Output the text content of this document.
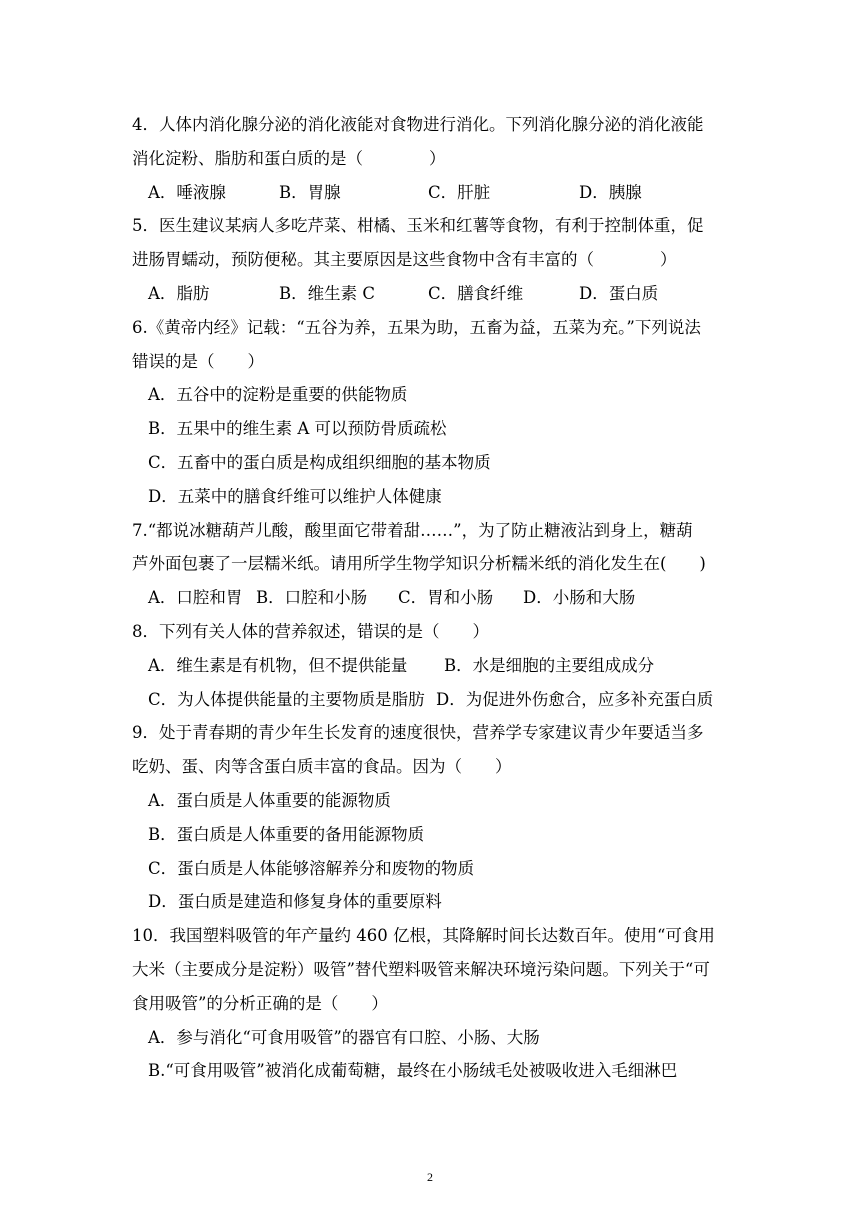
4．人体内消化腺分泌的消化液能对食物进行消化。下列消化腺分泌的消化液能
消化淀粉、脂肪和蛋白质的是（　　　　）
A．唾液腺	B．胃腺	C．肝脏	D．胰腺
5．医生建议某病人多吃芹菜、柑橘、玉米和红薯等食物，有利于控制体重，促
进肠胃蠕动，预防便秘。其主要原因是这些食物中含有丰富的（　　　　）
A．脂肪	B．维生素 C	C．膳食纤维	D．蛋白质
6.《黄帝内经》记载：“五谷为养，五果为助，五畜为益，五菜为充。”下列说法
错误的是（　　）
A．五谷中的淀粉是重要的供能物质
B．五果中的维生素 A 可以预防骨质疏松
C．五畜中的蛋白质是构成组织细胞的基本物质
D．五菜中的膳食纤维可以维护人体健康
7.“都说冰糖葫芦儿酸，酸里面它带着甜……”，为了防止糖液沾到身上，糖葫
芦外面包裹了一层糯米纸。请用所学生物学知识分析糯米纸的消化发生在(　　)
A．口腔和胃 B．口腔和小肠 C．胃和小肠 D．小肠和大肠
8．下列有关人体的营养叙述，错误的是（　　）
A．维生素是有机物，但不提供能量 B．水是细胞的主要组成成分
C．为人体提供能量的主要物质是脂肪 D．为促进外伤愈合，应多补充蛋白质
9．处于青春期的青少年生长发育的速度很快，营养学专家建议青少年要适当多
吃奶、蛋、肉等含蛋白质丰富的食品。因为（　　）
A．蛋白质是人体重要的能源物质
B．蛋白质是人体重要的备用能源物质
C．蛋白质是人体能够溶解养分和废物的物质
D．蛋白质是建造和修复身体的重要原料
10．我国塑料吸管的年产量约 460 亿根，其降解时间长达数百年。使用“可食用
大米（主要成分是淀粉）吸管”替代塑料吸管来解决环境污染问题。下列关于“可
食用吸管”的分析正确的是（　　）
A．参与消化“可食用吸管”的器官有口腔、小肠、大肠
B.“可食用吸管”被消化成葡萄糖，最终在小肠绒毛处被吸收进入毛细淋巴
2
